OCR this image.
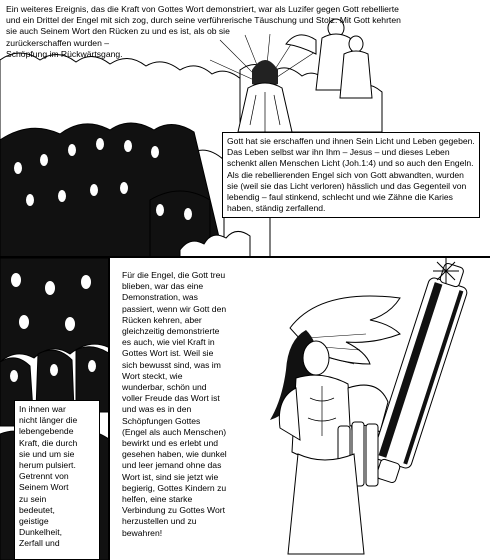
Ein weiteres Ereignis, das die Kraft von Gottes Wort demonstriert, war als Luzifer gegen Gott rebellierte
und ein Drittel der Engel mit sich zog, durch seine verführerische Täuschung und Stolz. Mit Gott kehrten
sie auch Seinem Wort den Rücken zu und es ist, als ob sie
zurückerschaffen wurden –
Schöpfung im Rückwärtsgang.
Gott hat sie erschaffen und ihnen Sein Licht und Leben gegeben. Das Leben selbst war ihn Ihm – Jesus – und dieses Leben schenkt allen Menschen Licht (Joh.1:4) und so auch den Engeln. Als die rebellierenden Engel sich von Gott abwandten, wurden sie (weil sie das Licht verloren) hässlich und das Gegenteil von lebendig – faul stinkend, schlecht und wie Zähne die Karies haben, ständig zerfallend.
In ihnen war
nicht länger die
lebengebende
Kraft, die durch
sie und um sie
herum pulsiert.
Getrennt von
Seinem Wort
zu sein
bedeutet,
geistige
Dunkelheit,
Zerfall und
Für die Engel, die Gott treu
blieben, war das eine
Demonstration, was
passiert, wenn wir Gott den
Rücken kehren, aber
gleichzeitig demonstrierte
es auch, wie viel Kraft in
Gottes Wort ist. Weil sie
sich bewusst sind, was im
Wort steckt, wie
wunderbar, schön und
voller Freude das Wort ist
und was es in den
Schöpfungen Gottes
(Engel als auch Menschen)
bewirkt und es erlebt und
gesehen haben, wie dunkel
und leer jemand ohne das
Wort ist, sind sie jetzt wie
begierig, Gottes Kindern zu
helfen, eine starke
Verbindung zu Gottes Wort
herzustellen und zu
bewahren!
